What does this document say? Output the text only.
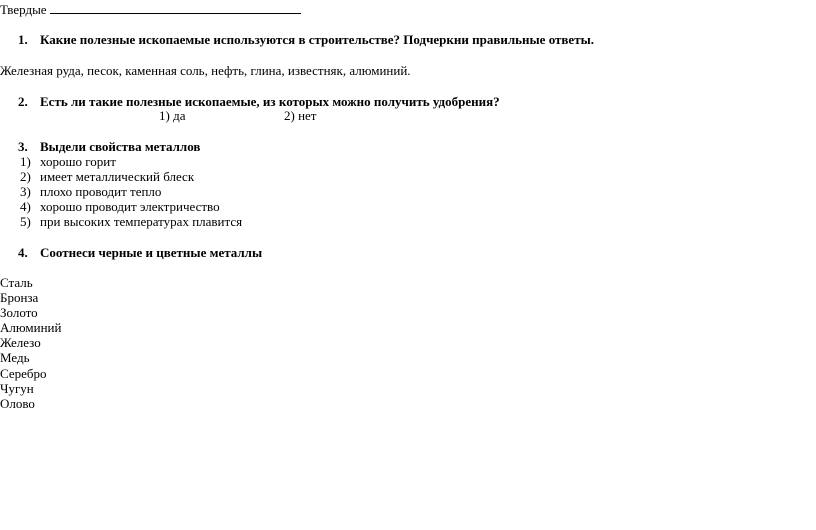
Твердые
1. Какие полезные ископаемые используются в строительстве? Подчеркни правильные ответы.
Железная руда, песок, каменная соль, нефть, глина, известняк, алюминий.
2. Есть ли такие полезные ископаемые, из которых можно получить удобрения?
1) да	2) нет
3. Выдели свойства металлов
1) хорошо горит
2) имеет металлический блеск
3) плохо проводит тепло
4) хорошо проводит электричество
5) при высоких температурах плавится
4. Соотнеси черные и цветные металлы
Сталь
Бронза
Золото
Алюминий
Железо
Медь
Серебро
Чугун
Олово
